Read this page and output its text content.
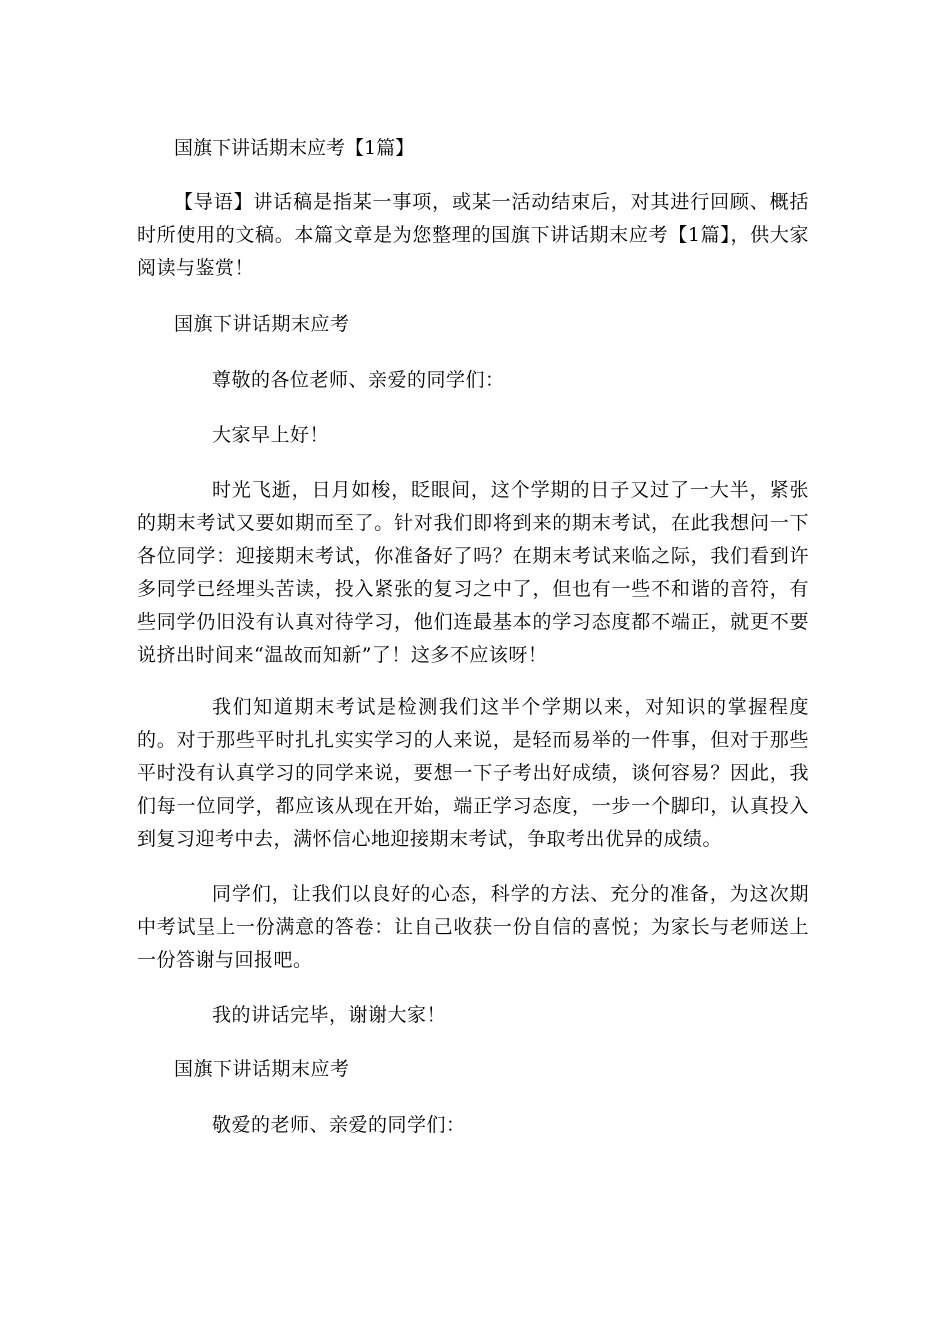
国旗下讲话期末应考【1篇】

【导语】讲话稿是指某一事项，或某一活动结束后，对其进行回顾、概括时所使用的文稿。本篇文章是为您整理的国旗下讲话期末应考【1篇】，供大家阅读与鉴赏！

国旗下讲话期末应考

尊敬的各位老师、亲爱的同学们：

大家早上好！

时光飞逝，日月如梭，眨眼间，这个学期的日子又过了一大半，紧张的期末考试又要如期而至了。针对我们即将到来的期末考试，在此我想问一下各位同学：迎接期末考试，你准备好了吗？在期末考试来临之际，我们看到许多同学已经埋头苦读，投入紧张的复习之中了，但也有一些不和谐的音符，有些同学仍旧没有认真对待学习，他们连最基本的学习态度都不端正，就更不要说挤出时间来“温故而知新”了！这多不应该呀！

我们知道期末考试是检测我们这半个学期以来，对知识的掌握程度的。对于那些平时扎扎实实学习的人来说，是轻而易举的一件事，但对于那些平时没有认真学习的同学来说，要想一下子考出好成绩，谈何容易？因此，我们每一位同学，都应该从现在开始，端正学习态度，一步一个脚印，认真投入到复习迎考中去，满怀信心地迎接期末考试，争取考出优异的成绩。

同学们，让我们以良好的心态，科学的方法、充分的准备，为这次期中考试呈上一份满意的答卷：让自己收获一份自信的喜悦；为家长与老师送上一份答谢与回报吧。

我的讲话完毕，谢谢大家！

国旗下讲话期末应考

敬爱的老师、亲爱的同学们：
